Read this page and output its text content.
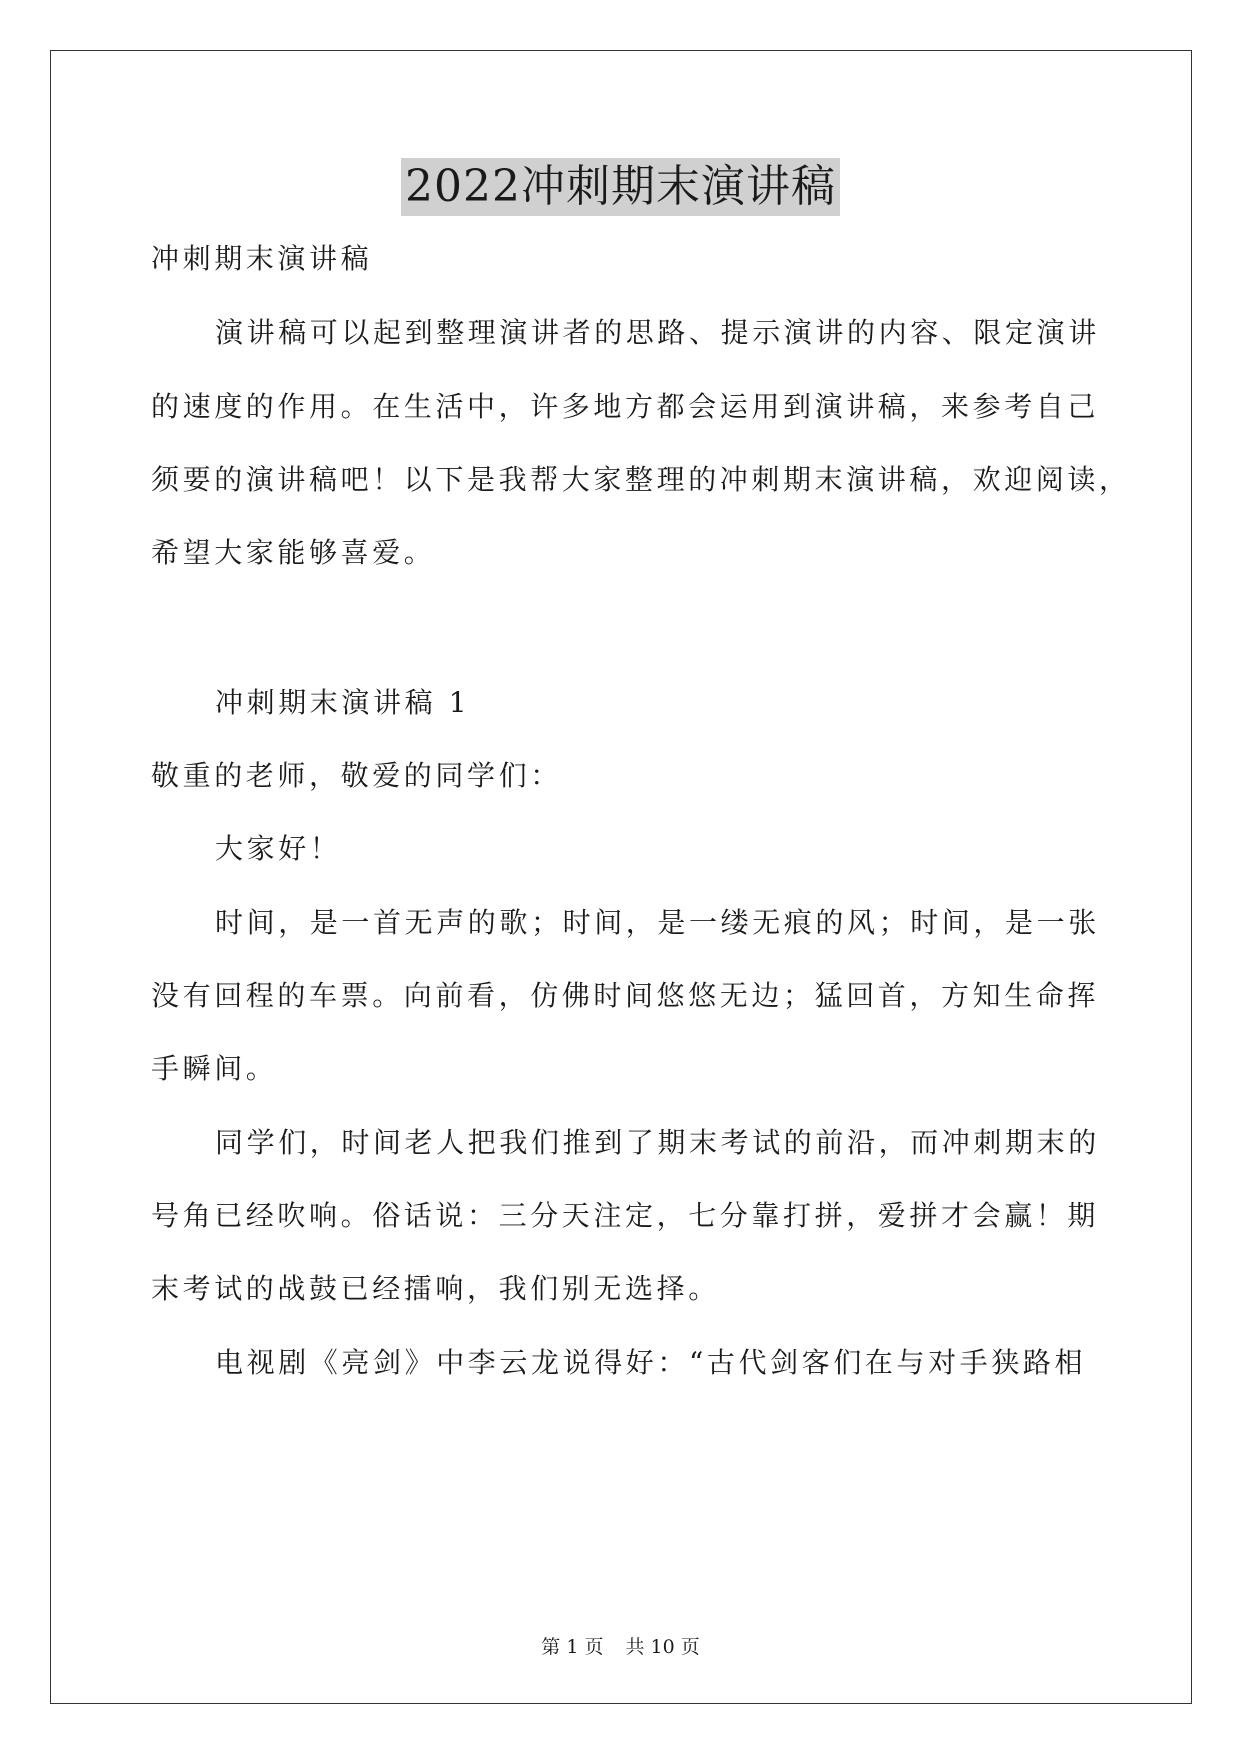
2022冲刺期末演讲稿
冲刺期末演讲稿
演讲稿可以起到整理演讲者的思路、提示演讲的内容、限定演讲
的速度的作用。在生活中，许多地方都会运用到演讲稿，来参考自己
须要的演讲稿吧！以下是我帮大家整理的冲刺期末演讲稿，欢迎阅读，
希望大家能够喜爱。
冲刺期末演讲稿 1
敬重的老师，敬爱的同学们：
大家好！
时间，是一首无声的歌；时间，是一缕无痕的风；时间，是一张
没有回程的车票。向前看，仿佛时间悠悠无边；猛回首，方知生命挥
手瞬间。
同学们，时间老人把我们推到了期末考试的前沿，而冲刺期末的
号角已经吹响。俗话说：三分天注定，七分靠打拼，爱拼才会赢！期
末考试的战鼓已经擂响，我们别无选择。
电视剧《亮剑》中李云龙说得好：“古代剑客们在与对手狭路相
第 1 页 共 10 页
